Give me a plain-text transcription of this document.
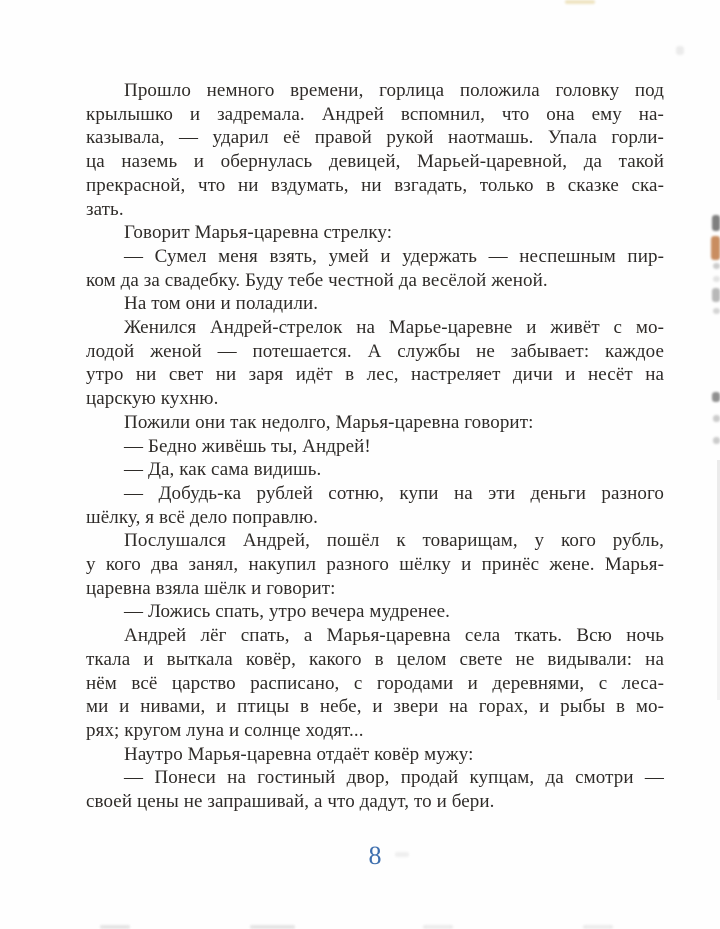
Прошло немного времени, горлица положила головку под
крылышко и задремала. Андрей вспомнил, что она ему на-
казывала, — ударил её правой рукой наотмашь. Упала горли-
ца наземь и обернулась девицей, Марьей-царевной, да такой
прекрасной, что ни вздумать, ни взгадать, только в сказке ска-
зать.
Говорит Марья-царевна стрелку:
— Сумел меня взять, умей и удержать — неспешным пир-
ком да за свадебку. Буду тебе честной да весёлой женой.
На том они и поладили.
Женился Андрей-стрелок на Марье-царевне и живёт с мо-
лодой женой — потешается. А службы не забывает: каждое
утро ни свет ни заря идёт в лес, настреляет дичи и несёт на
царскую кухню.
Пожили они так недолго, Марья-царевна говорит:
— Бедно живёшь ты, Андрей!
— Да, как сама видишь.
— Добудь-ка рублей сотню, купи на эти деньги разного
шёлку, я всё дело поправлю.
Послушался Андрей, пошёл к товарищам, у кого рубль,
у кого два занял, накупил разного шёлку и принёс жене. Марья-
царевна взяла шёлк и говорит:
— Ложись спать, утро вечера мудренее.
Андрей лёг спать, а Марья-царевна села ткать. Всю ночь
ткала и выткала ковёр, какого в целом свете не видывали: на
нём всё царство расписано, с городами и деревнями, с леса-
ми и нивами, и птицы в небе, и звери на горах, и рыбы в мо-
рях; кругом луна и солнце ходят...
Наутро Марья-царевна отдаёт ковёр мужу:
— Понеси на гостиный двор, продай купцам, да смотри —
своей цены не запрашивай, а что дадут, то и бери.
8
